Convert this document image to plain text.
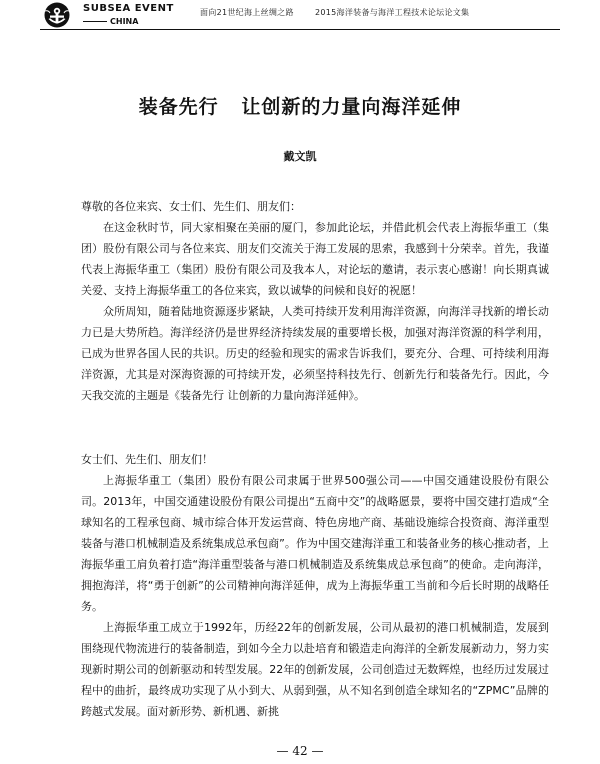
SUBSEA EVENT
CHINA
面向21世纪海上丝绸之路	2015海洋装备与海洋工程技术论坛论文集
装备先行   让创新的力量向海洋延伸
戴文凯

尊敬的各位来宾、女士们、先生们、朋友们：

在这金秋时节，同大家相聚在美丽的厦门，参加此论坛，并借此机会代表上海振华重工（集团）股份有限公司与各位来宾、朋友们交流关于海工发展的思索，我感到十分荣幸。首先，我谨代表上海振华重工（集团）股份有限公司及我本人，对论坛的邀请，表示衷心感谢！向长期真诚关爱、支持上海振华重工的各位来宾，致以诚挚的问候和良好的祝愿！

众所周知，随着陆地资源逐步紧缺，人类可持续开发利用海洋资源，向海洋寻找新的增长动力已是大势所趋。海洋经济仍是世界经济持续发展的重要增长极，加强对海洋资源的科学利用，已成为世界各国人民的共识。历史的经验和现实的需求告诉我们，要充分、合理、可持续利用海洋资源，尤其是对深海资源的可持续开发，必须坚持科技先行、创新先行和装备先行。因此，今天我交流的主题是《装备先行 让创新的力量向海洋延伸》。

女士们、先生们、朋友们！

上海振华重工（集团）股份有限公司隶属于世界500强公司——中国交通建设股份有限公司。2013年，中国交通建设股份有限公司提出“五商中交”的战略愿景，要将中国交建打造成“全球知名的工程承包商、城市综合体开发运营商、特色房地产商、基础设施综合投资商、海洋重型装备与港口机械制造及系统集成总承包商”。作为中国交建海洋重工和装备业务的核心推动者，上海振华重工肩负着打造“海洋重型装备与港口机械制造及系统集成总承包商”的使命。走向海洋，拥抱海洋，将“勇于创新”的公司精神向海洋延伸，成为上海振华重工当前和今后长时期的战略任务。

上海振华重工成立于1992年，历经22年的创新发展，公司从最初的港口机械制造，发展到围绕现代物流进行的装备制造，到如今全力以赴培育和锻造走向海洋的全新发展新动力，努力实现新时期公司的创新驱动和转型发展。22年的创新发展，公司创造过无数辉煌，也经历过发展过程中的曲折，最终成功实现了从小到大、从弱到强，从不知名到创造全球知名的“ZPMC”品牌的跨越式发展。面对新形势、新机遇、新挑

— 42 —
